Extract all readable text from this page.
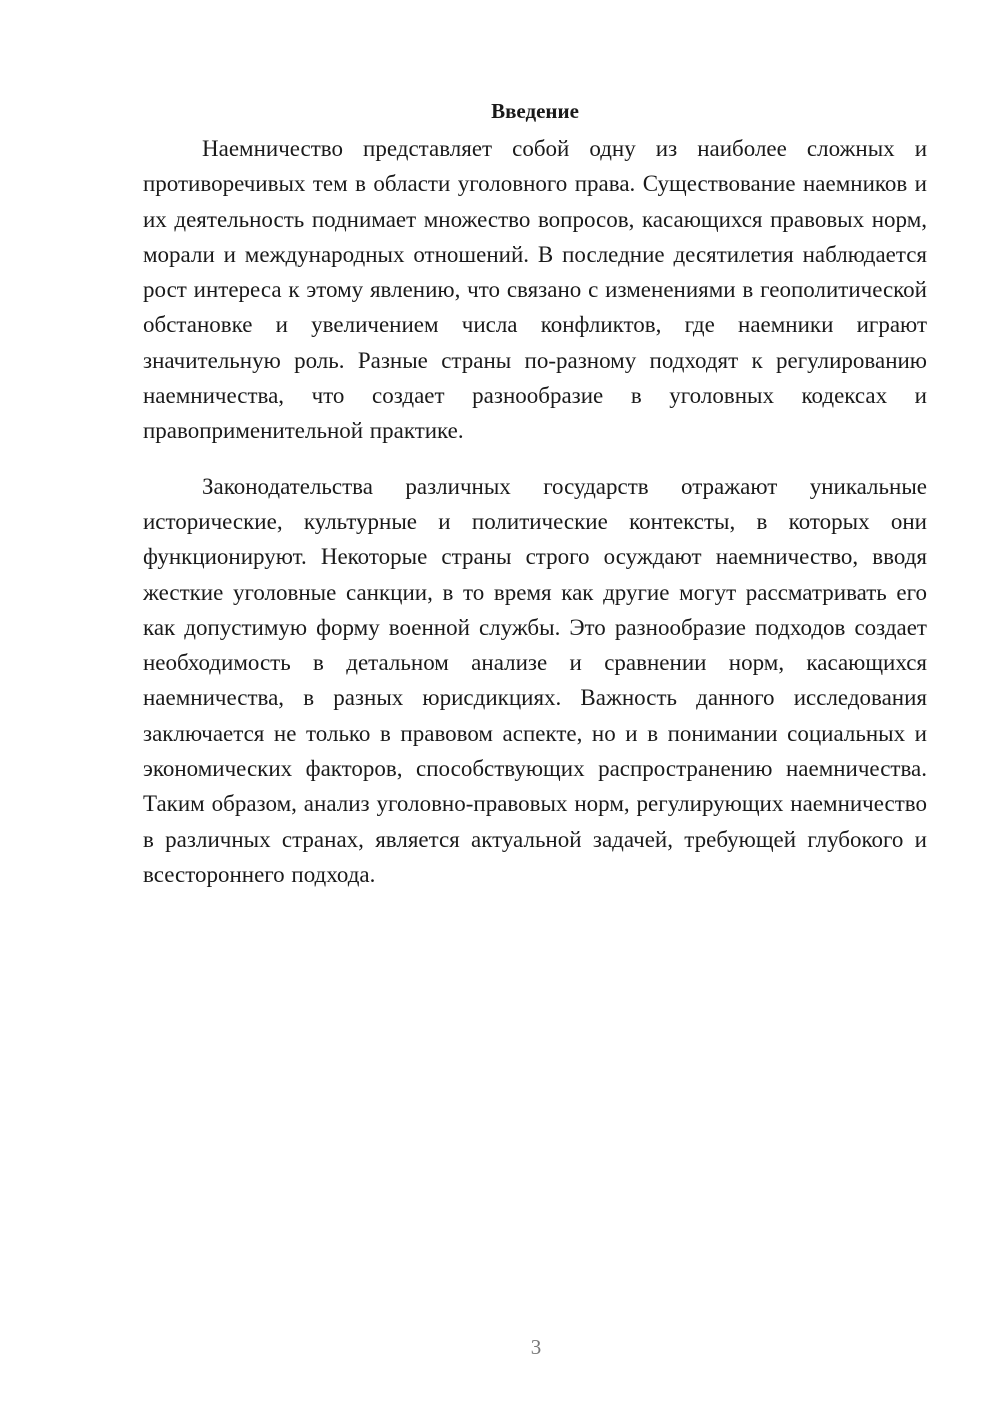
Введение

Наемничество представляет собой одну из наиболее сложных и противоречивых тем в области уголовного права. Существование наемников и их деятельность поднимает множество вопросов, касающихся правовых норм, морали и международных отношений. В последние десятилетия наблюдается рост интереса к этому явлению, что связано с изменениями в геополитической обстановке и увеличением числа конфликтов, где наемники играют значительную роль. Разные страны по-разному подходят к регулированию наемничества, что создает разнообразие в уголовных кодексах и правоприменительной практике.

Законодательства различных государств отражают уникальные исторические, культурные и политические контексты, в которых они функционируют. Некоторые страны строго осуждают наемничество, вводя жесткие уголовные санкции, в то время как другие могут рассматривать его как допустимую форму военной службы. Это разнообразие подходов создает необходимость в детальном анализе и сравнении норм, касающихся наемничества, в разных юрисдикциях. Важность данного исследования заключается не только в правовом аспекте, но и в понимании социальных и экономических факторов, способствующих распространению наемничества. Таким образом, анализ уголовно-правовых норм, регулирующих наемничество в различных странах, является актуальной задачей, требующей глубокого и всестороннего подхода.

3
